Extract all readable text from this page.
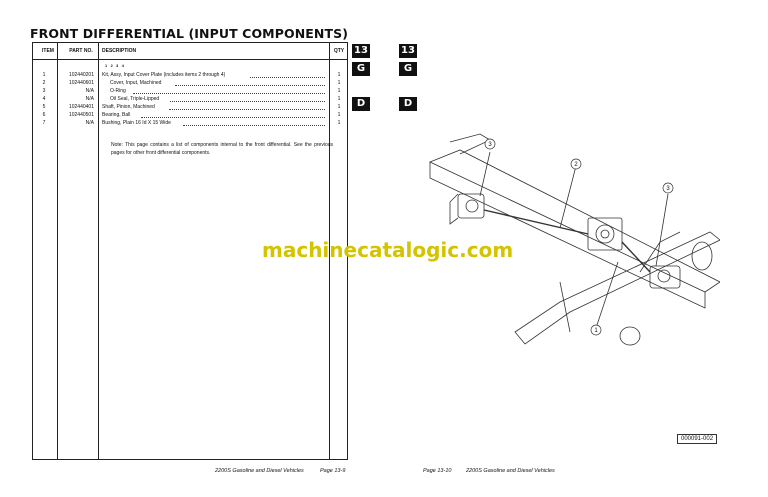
FRONT DIFFERENTIAL (INPUT COMPONENTS)
ITEM	PART NO.	DESCRIPTION	QTY
1 2 3 4
1	102440201 Kit, Assy, Input Cover Plate (includes items 2 through 4)	1
2	102440601	Cover, Input, Machined	1
3	N/A	O-Ring	1
4	N/A	Oil Seal, Triple-Lipped	1
5	102440401 Shaft, Pinion, Machined	1
6	102440501 Bearing, Ball	1
7	N/A Bushing, Plain 16 Id X 15 Wide	1
Note: This page contains a list of components internal to the front differential. See the previous pages for other front differential components.
13
G
D
13
G
D
3
2
3
1
machinecatalogic.com
000091-002
2200S Gasoline and Diesel Vehicles	Page 13-9	Page 13-10	2200S Gasoline and Diesel Vehicles
